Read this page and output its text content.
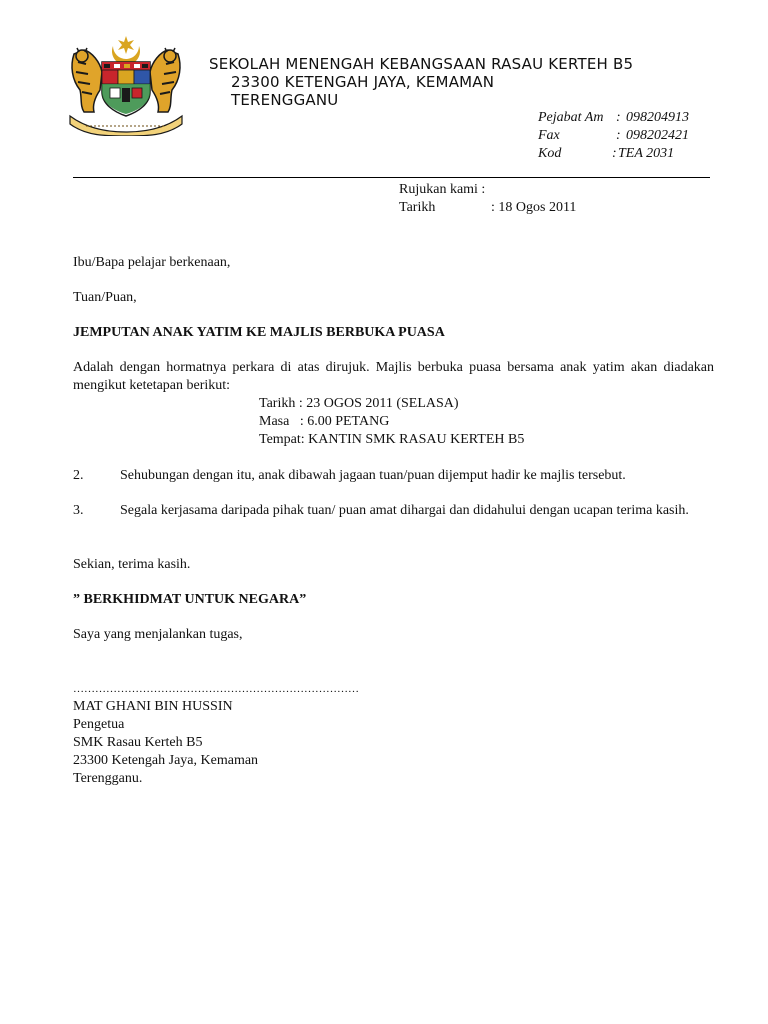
SEKOLAH MENENGAH KEBANGSAAN RASAU KERTEH B5
23300 KETENGAH JAYA, KEMAMAN
TERENGGANU
Pejabat Am : 098204913
Fax	: 098202421
Kod	:TEA 2031
Rujukan kami :
Tarikh	: 18 Ogos 2011
Ibu/Bapa pelajar berkenaan,
Tuan/Puan,
JEMPUTAN ANAK YATIM KE MAJLIS BERBUKA PUASA
Adalah dengan hormatnya perkara di atas dirujuk. Majlis berbuka puasa bersama anak yatim akan diadakan mengikut ketetapan berikut:
Tarikh : 23 OGOS 2011 (SELASA)
Masa   : 6.00 PETANG
Tempat: KANTIN SMK RASAU KERTEH B5
2.	Sehubungan dengan itu, anak dibawah jagaan tuan/puan dijemput hadir ke majlis tersebut.
3.	Segala kerjasama daripada pihak tuan/ puan amat dihargai dan didahului dengan ucapan terima kasih.
Sekian, terima kasih.
” BERKHIDMAT UNTUK NEGARA”
Saya yang menjalankan tugas,
……………………………………………………………………
MAT GHANI BIN HUSSIN
Pengetua
SMK Rasau Kerteh B5
23300 Ketengah Jaya, Kemaman
Terengganu.
